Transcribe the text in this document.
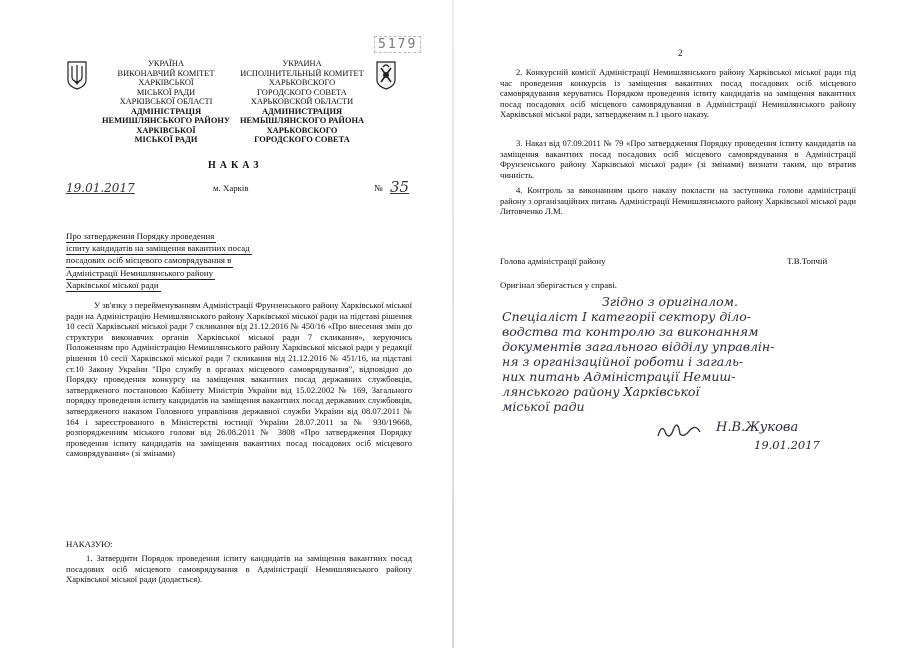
УКРАЇНА
ВИКОНАВЧИЙ КОМІТЕТ
ХАРКІВСЬКОЇ
МІСЬКОЇ РАДИ
ХАРКІВСЬКОЇ ОБЛАСТІ
АДМІНІСТРАЦІЯ
НЕМИШЛЯНСЬКОГО РАЙОНУ
ХАРКІВСЬКОЇ
МІСЬКОЇ РАДИ
УКРАИНА
ИСПОЛНИТЕЛЬНЫЙ КОМИТЕТ
ХАРЬКОВСКОГО
ГОРОДСКОГО СОВЕТА
ХАРЬКОВСКОЙ ОБЛАСТИ
АДМИНИСТРАЦИЯ
НЕМЫШЛЯНСКОГО РАЙОНА
ХАРЬКОВСКОГО
ГОРОДСКОГО СОВЕТА
НАКАЗ
19.01.2017	м. Харків	№ 35
Про затвердження Порядку проведення
іспиту кандидатів на заміщення вакантних посад
посадових осіб місцевого самоврядування в
Адміністрації Немишлянського району
Харківської міської ради
У зв'язку з перейменуванням Адміністрації Фрунзенського району Харківської міської ради на Адміністрацію Немишлянського району Харківської міської ради на підставі рішення 10 сесії Харківської міської ради 7 скликання від 21.12.2016 № 450/16 «Про внесення змін до структури виконавчих органів Харківської міської ради 7 скликання», керуючись Положенням про Адміністрацію Немишлянського району Харківської міської ради у редакції рішення 10 сесії Харківської міської ради 7 скликання від 21.12.2016 № 451/16, на підставі ст.10 Закону України "Про службу в органах місцевого самоврядування", відповідно до Порядку проведення конкурсу на заміщення вакантних посад державних службовців, затвердженого постановою Кабінету Міністрів України від 15.02.2002 № 169, Загального порядку проведення іспиту кандидатів на заміщення вакантних посад державних службовців, затвердженого наказом Головного управління державної служби України від 08.07.2011 № 164 і зареєстрованого в Міністерстві юстиції України 28.07.2011 за № 930/19668, розпорядженням міського голови від 26.08.2011 № 3808 «Про затвердження Порядку проведення іспиту кандидатів на заміщення вакантних посад посадових осіб місцевого самоврядування» (зі змінами)
НАКАЗУЮ:
1. Затвердити Порядок проведення іспиту кандидатів на заміщення вакантних посад посадових осіб місцевого самоврядування в Адміністрації Немишлянського району Харківської міської ради (додається).
5179
2
2. Конкурсній комісії Адміністрації Немишлянського району Харківської міської ради під час проведення конкурсів із заміщення вакантних посад посадових осіб місцевого самоврядування керуватись Порядком проведення іспиту кандидатів на заміщення вакантних посад посадових осіб місцевого самоврядування в Адміністрації Немишлянського району Харківської міської ради, затвердженим п.1 цього наказу.
3. Наказ від 07.09.2011 № 79 «Про затвердження Порядку проведення іспиту кандидатів на заміщення вакантних посад посадових осіб місцевого самоврядування в Адміністрації Фрунзенського району Харківської міської ради» (зі змінами) визнати таким, що втратив чинність.
4. Контроль за виконанням цього наказу покласти на заступника голови адміністрації району з організаційних питань Адміністрації Немишлянського району Харківської міської ради Литовченко Л.М.
Голова адміністрації району	Т.В.Топчій
Оригінал зберігається у справі.
Згідно з оригіналом.
Спеціаліст І категорії сектору діло-
водства та контролю за виконанням
документів загального відділу управлін-
ня з організаційної роботи і загаль-
них питань Адміністрації Немиш-
лянського району Харківської
міської ради
Н.В.Жукова
19.01.2017
